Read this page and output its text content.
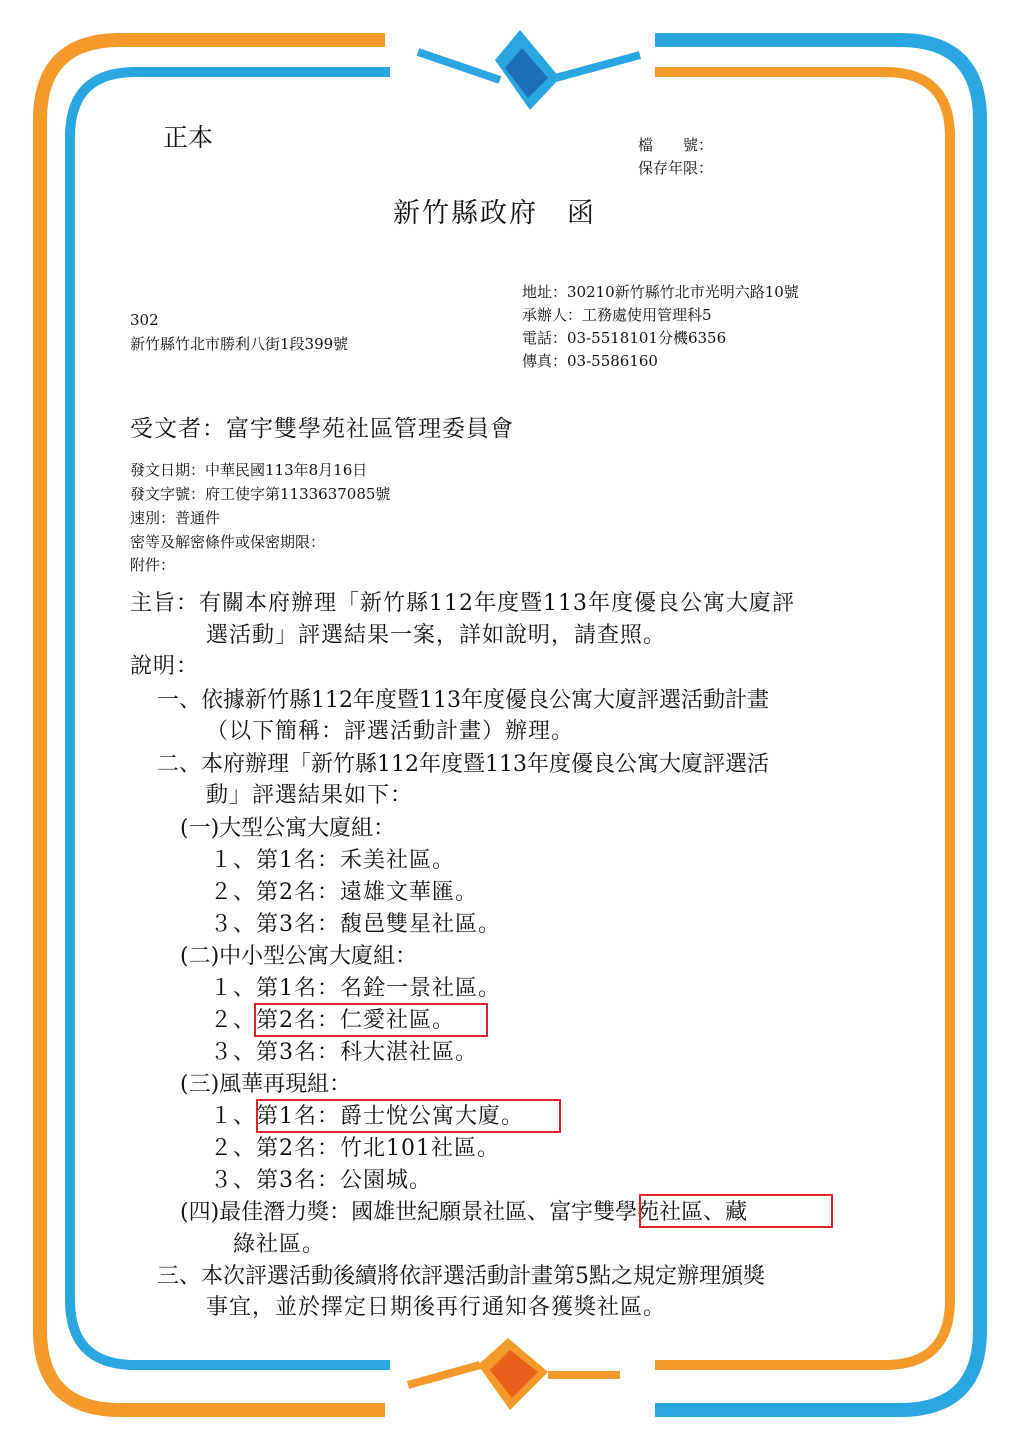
正本	檔　　號：
保存年限：
新竹縣政府　函
302
新竹縣竹北市勝利八街1段399號
地址：30210新竹縣竹北市光明六路10號
承辦人：工務處使用管理科5
電話：03-5518101分機6356
傳真：03-5586160
受文者：富宇雙學苑社區管理委員會
發文日期：中華民國113年8月16日
發文字號：府工使字第1133637085號
速別：普通件
密等及解密條件或保密期限：
附件：
主旨：有關本府辦理「新竹縣112年度暨113年度優良公寓大廈評
選活動」評選結果一案，詳如說明，請查照。
說明：
一、依據新竹縣112年度暨113年度優良公寓大廈評選活動計畫
（以下簡稱：評選活動計畫）辦理。
二、本府辦理「新竹縣112年度暨113年度優良公寓大廈評選活
動」評選結果如下：
(一)大型公寓大廈組：
１、第1名：禾美社區。
２、第2名：遠雄文華匯。
３、第3名：馥邑雙星社區。
(二)中小型公寓大廈組：
１、第1名：名銓一景社區。
２、第2名：仁愛社區。
３、第3名：科大湛社區。
(三)風華再現組：
１、第1名：爵士悅公寓大廈。
２、第2名：竹北101社區。
３、第3名：公園城。
(四)最佳潛力獎：國雄世紀願景社區、富宇雙學苑社區、藏
綠社區。
三、本次評選活動後續將依評選活動計畫第5點之規定辦理頒獎
事宜，並於擇定日期後再行通知各獲獎社區。
